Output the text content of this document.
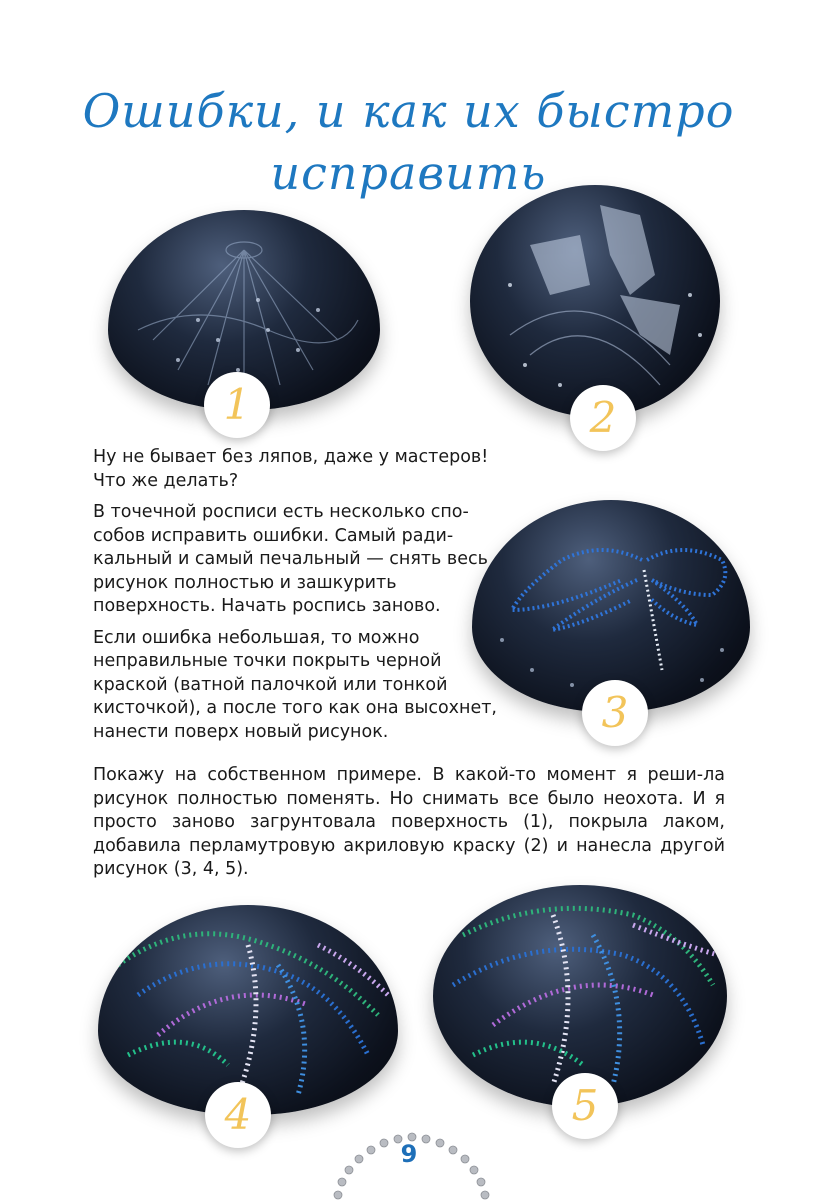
Ошибки, и как их быстро
исправить
1	2

Ну не бывает без ляпов, даже у мастеров! Что же делать?

В точечной росписи есть несколько спо-собов исправить ошибки. Самый ради-кальный и самый печальный — снять весь рисунок полностью и зашкурить поверхность. Начать роспись заново.

Если ошибка небольшая, то можно неправильные точки покрыть черной краской (ватной палочкой или тонкой кисточкой), а после того как она высохнет, нанести поверх новый рисунок.	3
Покажу на собственном примере. В какой-то момент я реши-ла рисунок полностью поменять. Но снимать все было неохота. И я просто заново загрунтовала поверхность (1), покрыла лаком, добавила перламутровую акриловую краску (2) и нанесла другой рисунок (3, 4, 5).
4	5
9
